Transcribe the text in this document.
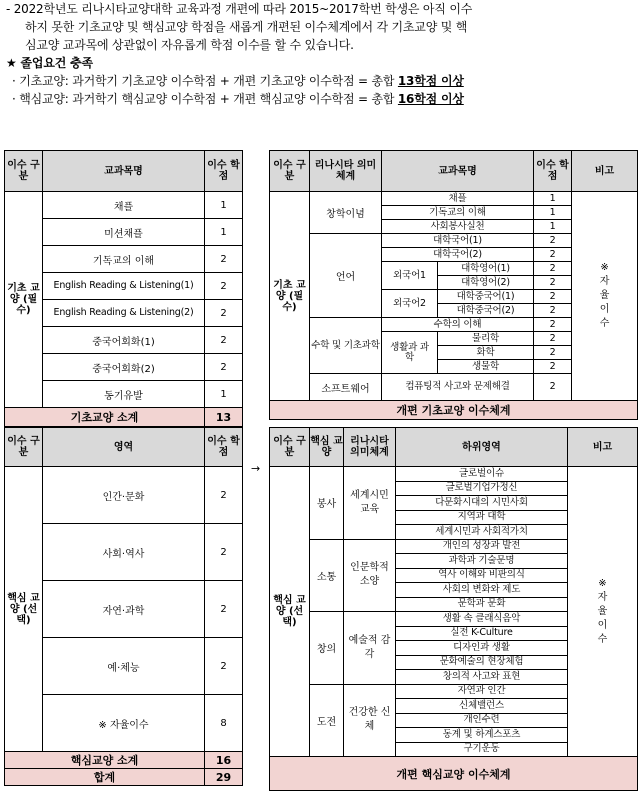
- 2022학년도 리나시타교양대학 교육과정 개편에 따라 2015~2017학번 학생은 아직 이수

하지 못한 기초교양 및 핵심교양 학점을 새롭게 개편된 이수체계에서 각 기초교양 및 핵

심교양 교과목에 상관없이 자유롭게 학점 이수를 할 수 있습니다.

★ 졸업요건 충족

· 기초교양: 과거학기 기초교양 이수학점 + 개편 기초교양 이수학점 = 총합 13학점 이상

· 핵심교양: 과거학기 핵심교양 이수학점 + 개편 핵심교양 이수학점 = 총합 16학점 이상

이수 구분	교과목명	이수 학점
기초 교양 (필수)	채플	1
	미션채플	1
	기독교의 이해	2
	English Reading & Listening(1)	2
	English Reading & Listening(2)	2
	중국어회화(1)	2
	중국어회화(2)	2
	동기유발	1
기초교양 소계		13
이수 구분	영역	이수 학점
핵심 교양 (선택)	인간·문화	2
	사회·역사	2
	자연·과학	2
	예·체능	2
	※ 자율이수	8
핵심교양 소계		16
합계		29
→
이수 구분	리나시타 의미체계	교과목명		이수 학점	비고
기초 교양 (필수)	창학이념	채플		1	※ 자 율 이 수
		기독교의 이해		1	
		사회봉사실천		1	
	언어	대학국어(1)		2	
		대학국어(2)		2	
		외국어1	대학영어(1)	2	
			대학영어(2)	2	
		외국어2	대학중국어(1)	2	
			대학중국어(2)	2	
	수학 및 기초과학	수학의 이해		2	
		생활과 과학	물리학	2	
			화학	2	
			생물학	2	
	소프트웨어	컴퓨팅적 사고와 문제해결		2	
개편 기초교양 이수체계					
이수 구분	핵심 교양	리나시타 의미체계	하위영역	비고
핵심 교양 (선택)	봉사	세계시민 교육	글로벌이슈	※ 자 율 이 수
			글로벌기업가정신	
			다문화시대의 시민사회	
			지역과 대학	
			세계시민과 사회적가치	
	소통	인문학적 소양	개인의 성장과 발전	
			과학과 기술문명	
			역사 이해와 비판의식	
			사회의 변화와 제도	
			문학과 문화	
	창의	예술적 감각	생활 속 클래식음악	
			실전 K-Culture	
			디자인과 생활	
			문화예술의 현장체험	
			창의적 사고와 표현	
	도전	건강한 신체	자연과 인간	
			신체밸런스	
			개인수련	
			동계 및 하계스포츠	
			구기운동	
개편 핵심교양 이수체계				
